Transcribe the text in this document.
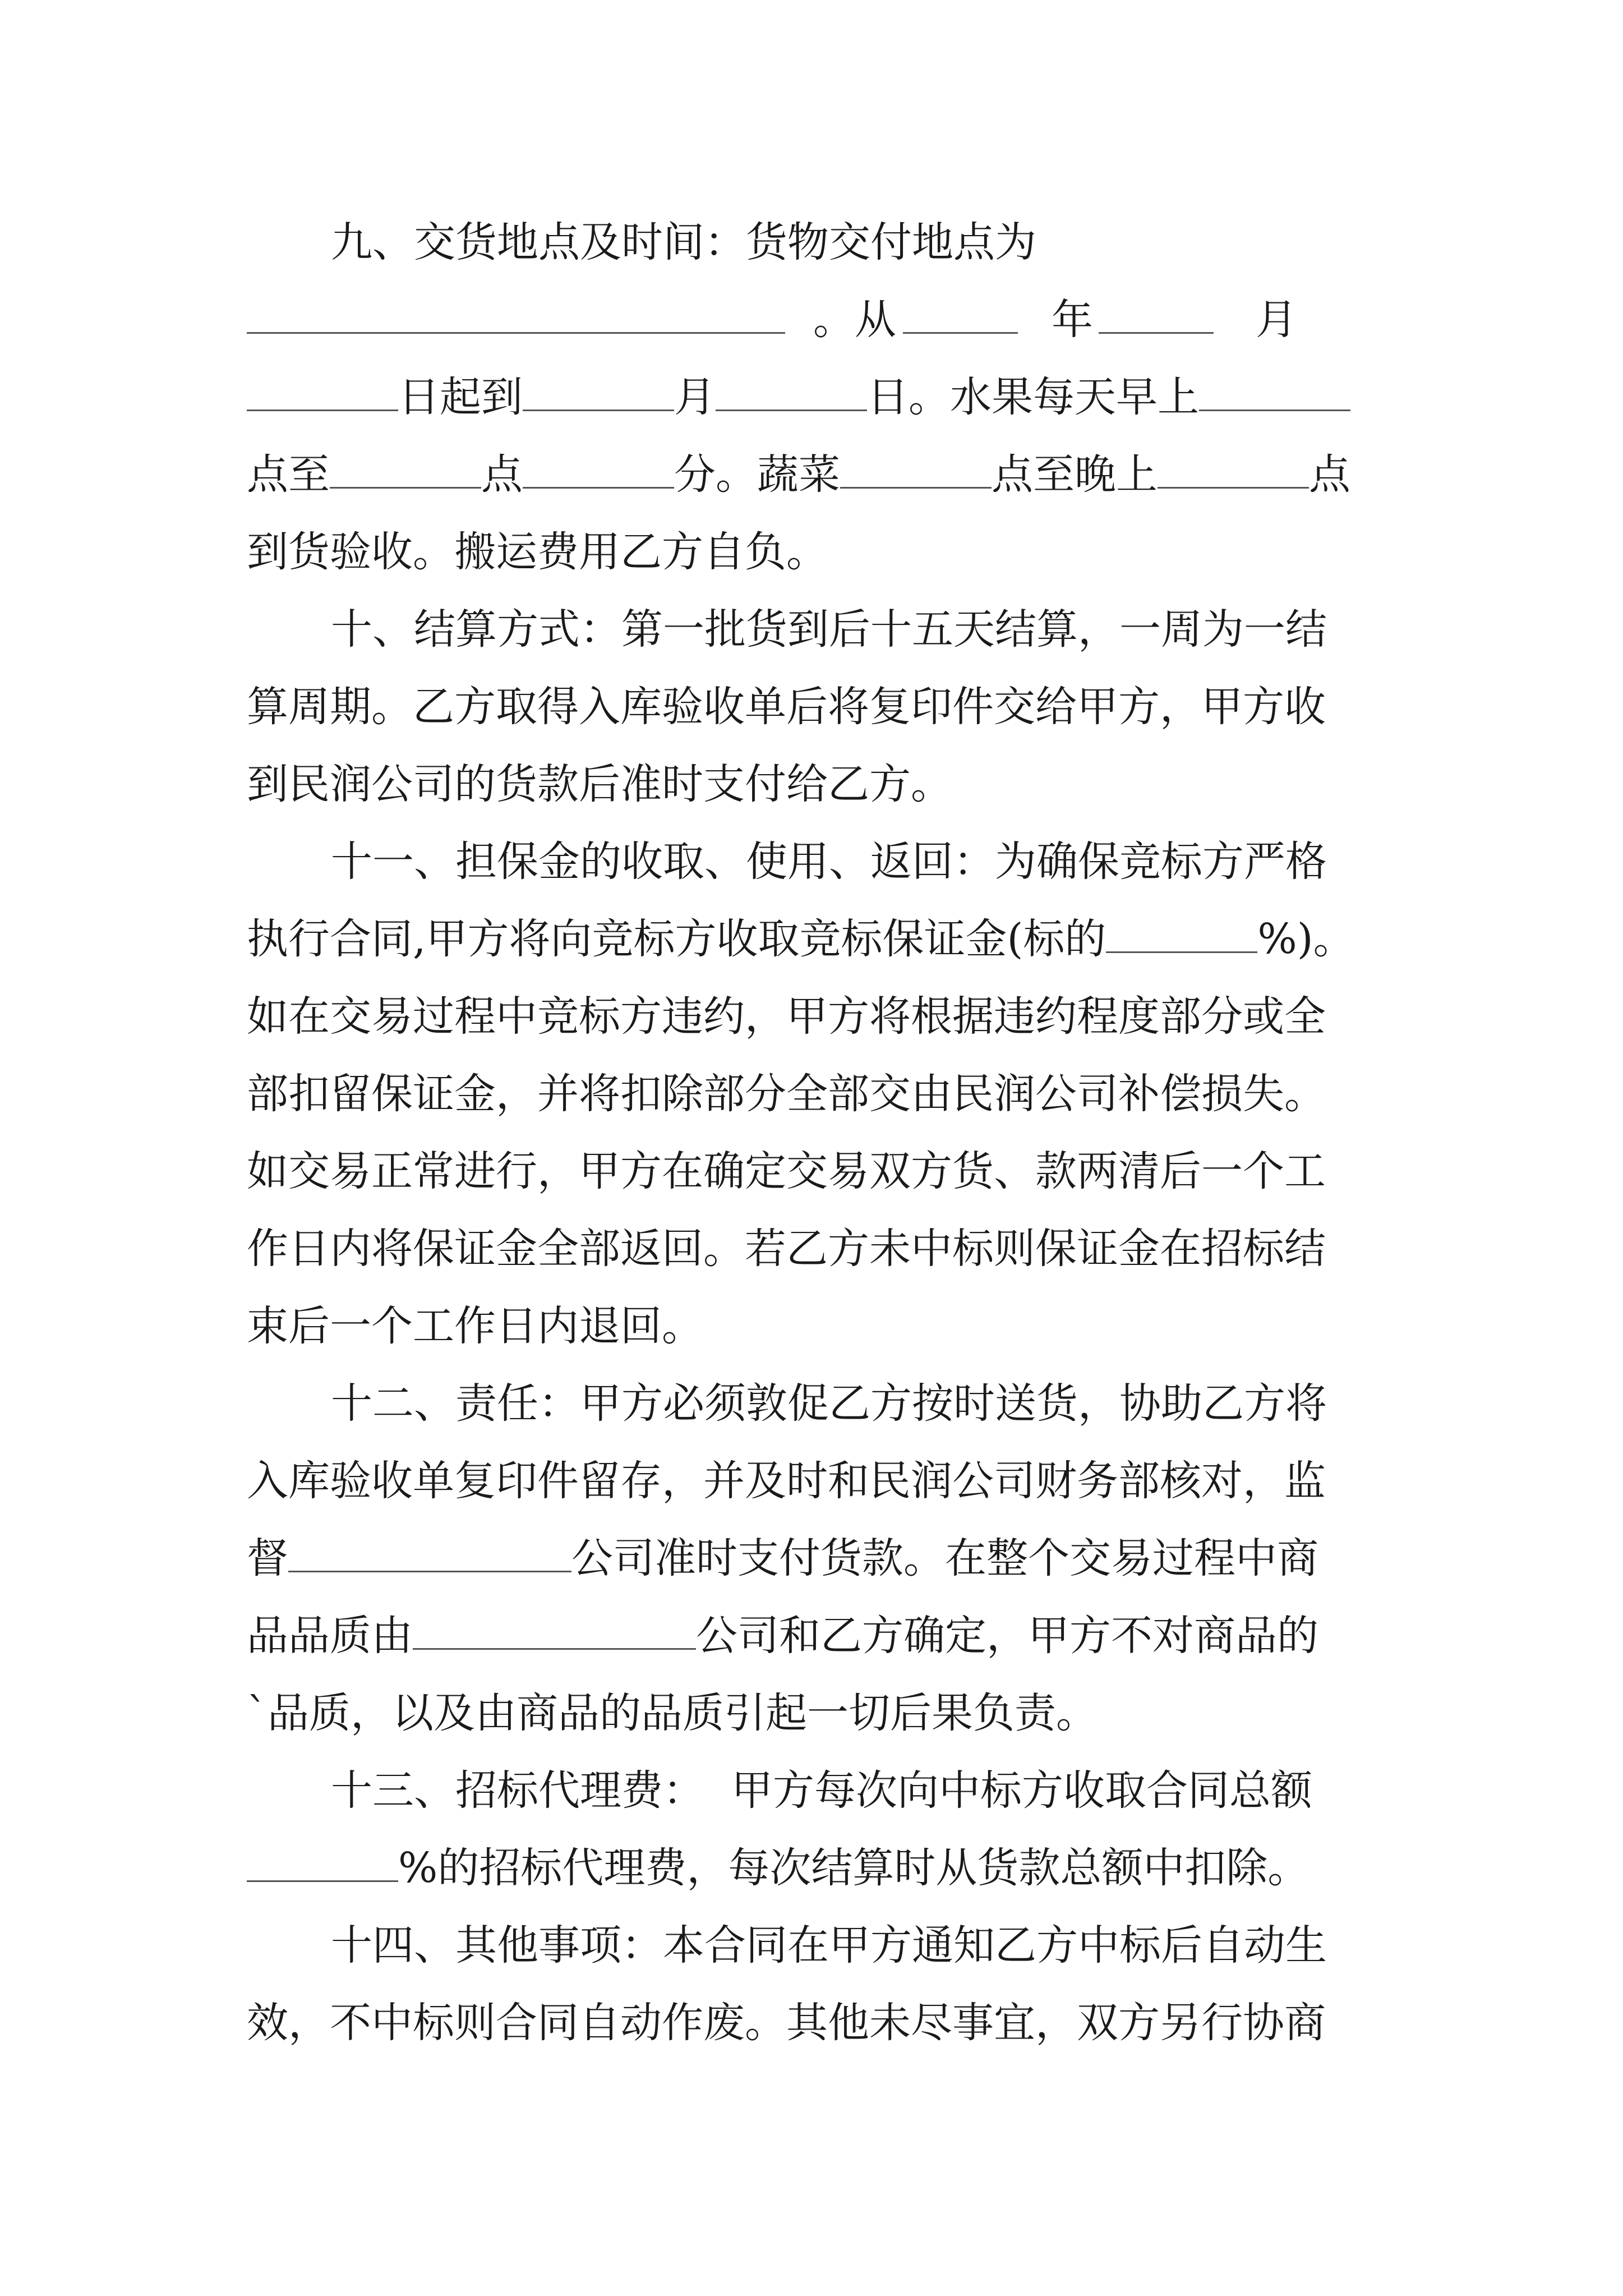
九、交货地点及时间：货物交付地点为
。从	年	月
日起到	月	日。水果每天早上
点至	点	分。蔬菜	点至晚上	点
到货验收。搬运费用乙方自负。
十、结算方式：第一批货到后十五天结算，一周为一结
算周期。乙方取得入库验收单后将复印件交给甲方，甲方收
到民润公司的货款后准时支付给乙方。
十一、担保金的收取、使用、返回：为确保竞标方严格
执行合同,甲方将向竞标方收取竞标保证金(标的	%)。
如在交易过程中竞标方违约，甲方将根据违约程度部分或全
部扣留保证金，并将扣除部分全部交由民润公司补偿损失。
如交易正常进行，甲方在确定交易双方货、款两清后一个工
作日内将保证金全部返回。若乙方未中标则保证金在招标结
束后一个工作日内退回。
十二、责任：甲方必须敦促乙方按时送货，协助乙方将
入库验收单复印件留存，并及时和民润公司财务部核对，监
督	公司准时支付货款。在整个交易过程中商
品品质由	公司和乙方确定，甲方不对商品的
`品质，以及由商品的品质引起一切后果负责。
十三、招标代理费： 甲方每次向中标方收取合同总额
%的招标代理费，每次结算时从货款总额中扣除。
十四、其他事项：本合同在甲方通知乙方中标后自动生
效，不中标则合同自动作废。其他未尽事宜，双方另行协商
